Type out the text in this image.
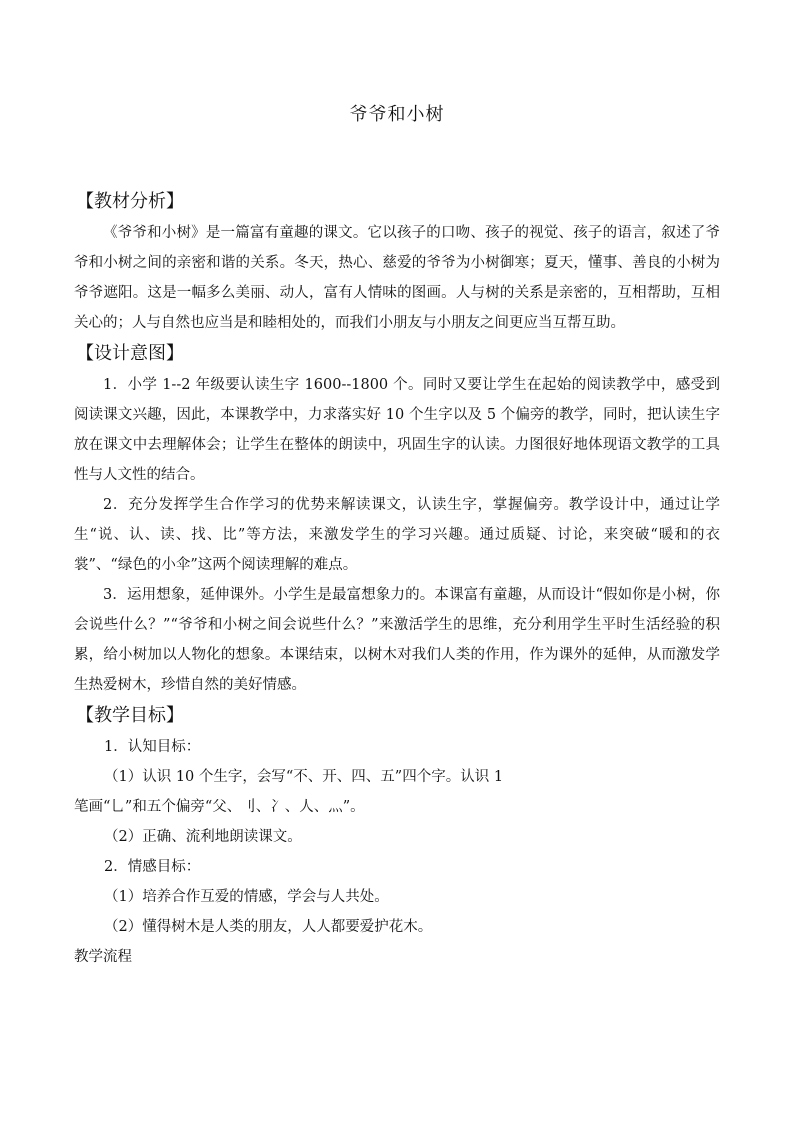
爷爷和小树
【教材分析】

《爷爷和小树》是一篇富有童趣的课文。它以孩子的口吻、孩子的视觉、孩子的语言，叙述了爷爷和小树之间的亲密和谐的关系。冬天，热心、慈爱的爷爷为小树御寒；夏天，懂事、善良的小树为爷爷遮阳。这是一幅多么美丽、动人，富有人情味的图画。人与树的关系是亲密的，互相帮助，互相关心的；人与自然也应当是和睦相处的，而我们小朋友与小朋友之间更应当互帮互助。

【设计意图】

1．小学 1--2 年级要认读生字 1600--1800 个。同时又要让学生在起始的阅读教学中，感受到阅读课文兴趣，因此，本课教学中，力求落实好 10 个生字以及 5 个偏旁的教学，同时，把认读生字放在课文中去理解体会；让学生在整体的朗读中，巩固生字的认读。力图很好地体现语文教学的工具性与人文性的结合。

2．充分发挥学生合作学习的优势来解读课文，认读生字，掌握偏旁。教学设计中，通过让学生“说、认、读、找、比”等方法，来激发学生的学习兴趣。通过质疑、讨论，来突破“暖和的衣裳”、“绿色的小伞”这两个阅读理解的难点。

3．运用想象，延伸课外。小学生是最富想象力的。本课富有童趣，从而设计“假如你是小树，你会说些什么？”“爷爷和小树之间会说些什么？”来激活学生的思维，充分利用学生平时生活经验的积累，给小树加以人物化的想象。本课结束，以树木对我们人类的作用，作为课外的延伸，从而激发学生热爱树木，珍惜自然的美好情感。

【教学目标】
1．认知目标：
（1）认识 10 个生字，会写“不、开、四、五”四个字。认识 1
笔画“乚”和五个偏旁“父、刂、冫、人、灬”。
（2）正确、流利地朗读课文。
2．情感目标：
（1）培养合作互爱的情感，学会与人共处。
（2）懂得树木是人类的朋友，人人都要爱护花木。
教学流程
